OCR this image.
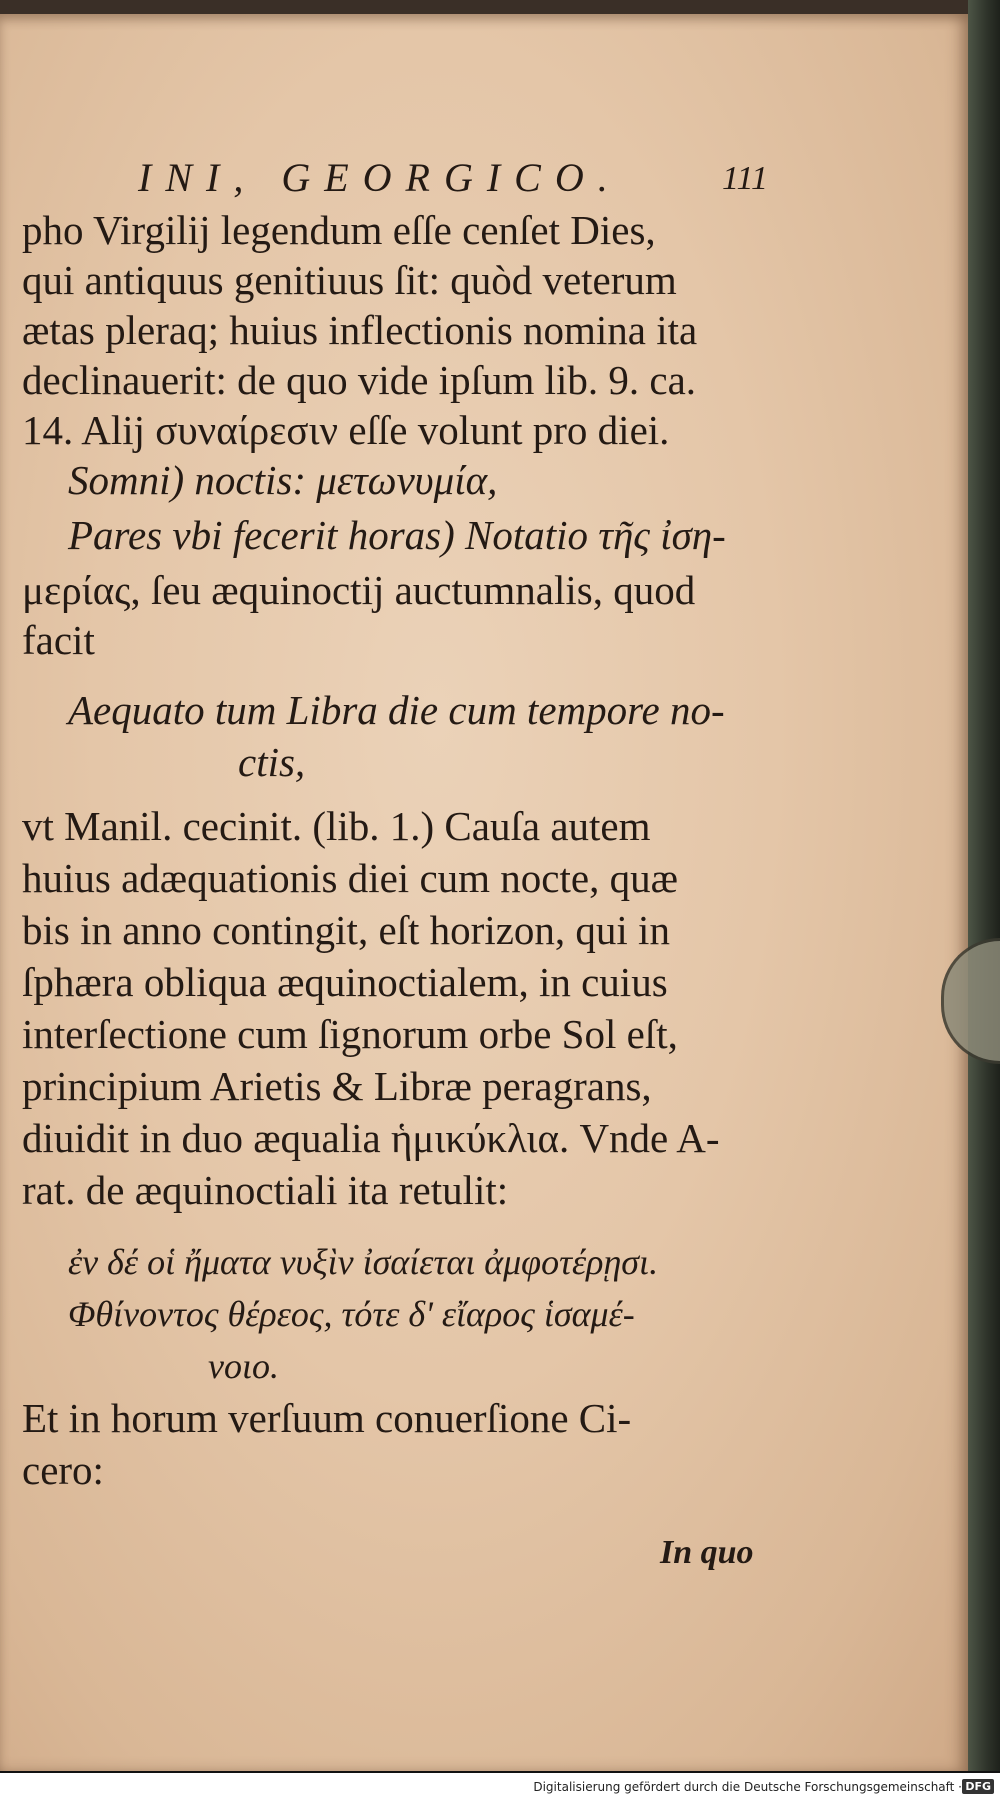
INI, GEORGICO.	111
pho Virgilij legendum eſſe cenſet Dies,
qui antiquus genitiuus ſit: quòd veterum
ætas pleraq; huius inflectionis nomina ita
declinauerit: de quo vide ipſum lib. 9. ca.
14. Alij συναίρεσιν eſſe volunt pro diei.
Somni) noctis: μετωνυμία,
Pares vbi fecerit horas) Notatio τῆς ἰση-
μερίας, ſeu æquinoctij auctumnalis, quod
facit
Aequato tum Libra die cum tempore no-
ctis,
vt Manil. cecinit. (lib. 1.) Cauſa autem
huius adæquationis diei cum nocte, quæ
bis in anno contingit, eſt horizon, qui in
ſphæra obliqua æquinoctialem, in cuius
interſectione cum ſignorum orbe Sol eſt,
principium Arietis & Libræ peragrans,
diuidit in duo æqualia ἡμικύκλια. Vnde A-
rat. de æquinoctiali ita retulit:
ἐν δέ οἱ ἤματα νυξὶν ἰσαίεται ἀμφοτέρῃσι.
Φθίνοντος θέρεος, τότε δ' εἴαρος ἱσαμέ-
νοιο.
Et in horum verſuum conuerſione Ci-
cero:
In quo
Digitalisierung gefördert durch die Deutsche Forschungsgemeinschaft · DFG
